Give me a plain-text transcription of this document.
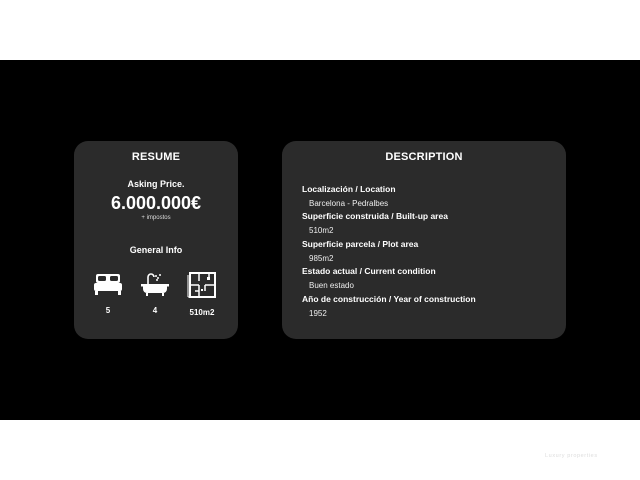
RESUME
Asking Price.
6.000.000€
+ impostos
General Info
5	4	510m2
DESCRIPTION
Localización / Location
Barcelona - Pedralbes
Superficie construida / Built-up area
510m2
Superficie parcela / Plot area
985m2
Estado actual / Current condition
Buen estado
Año de construcción / Year of construction
1952
Signature®
Luxury properties
